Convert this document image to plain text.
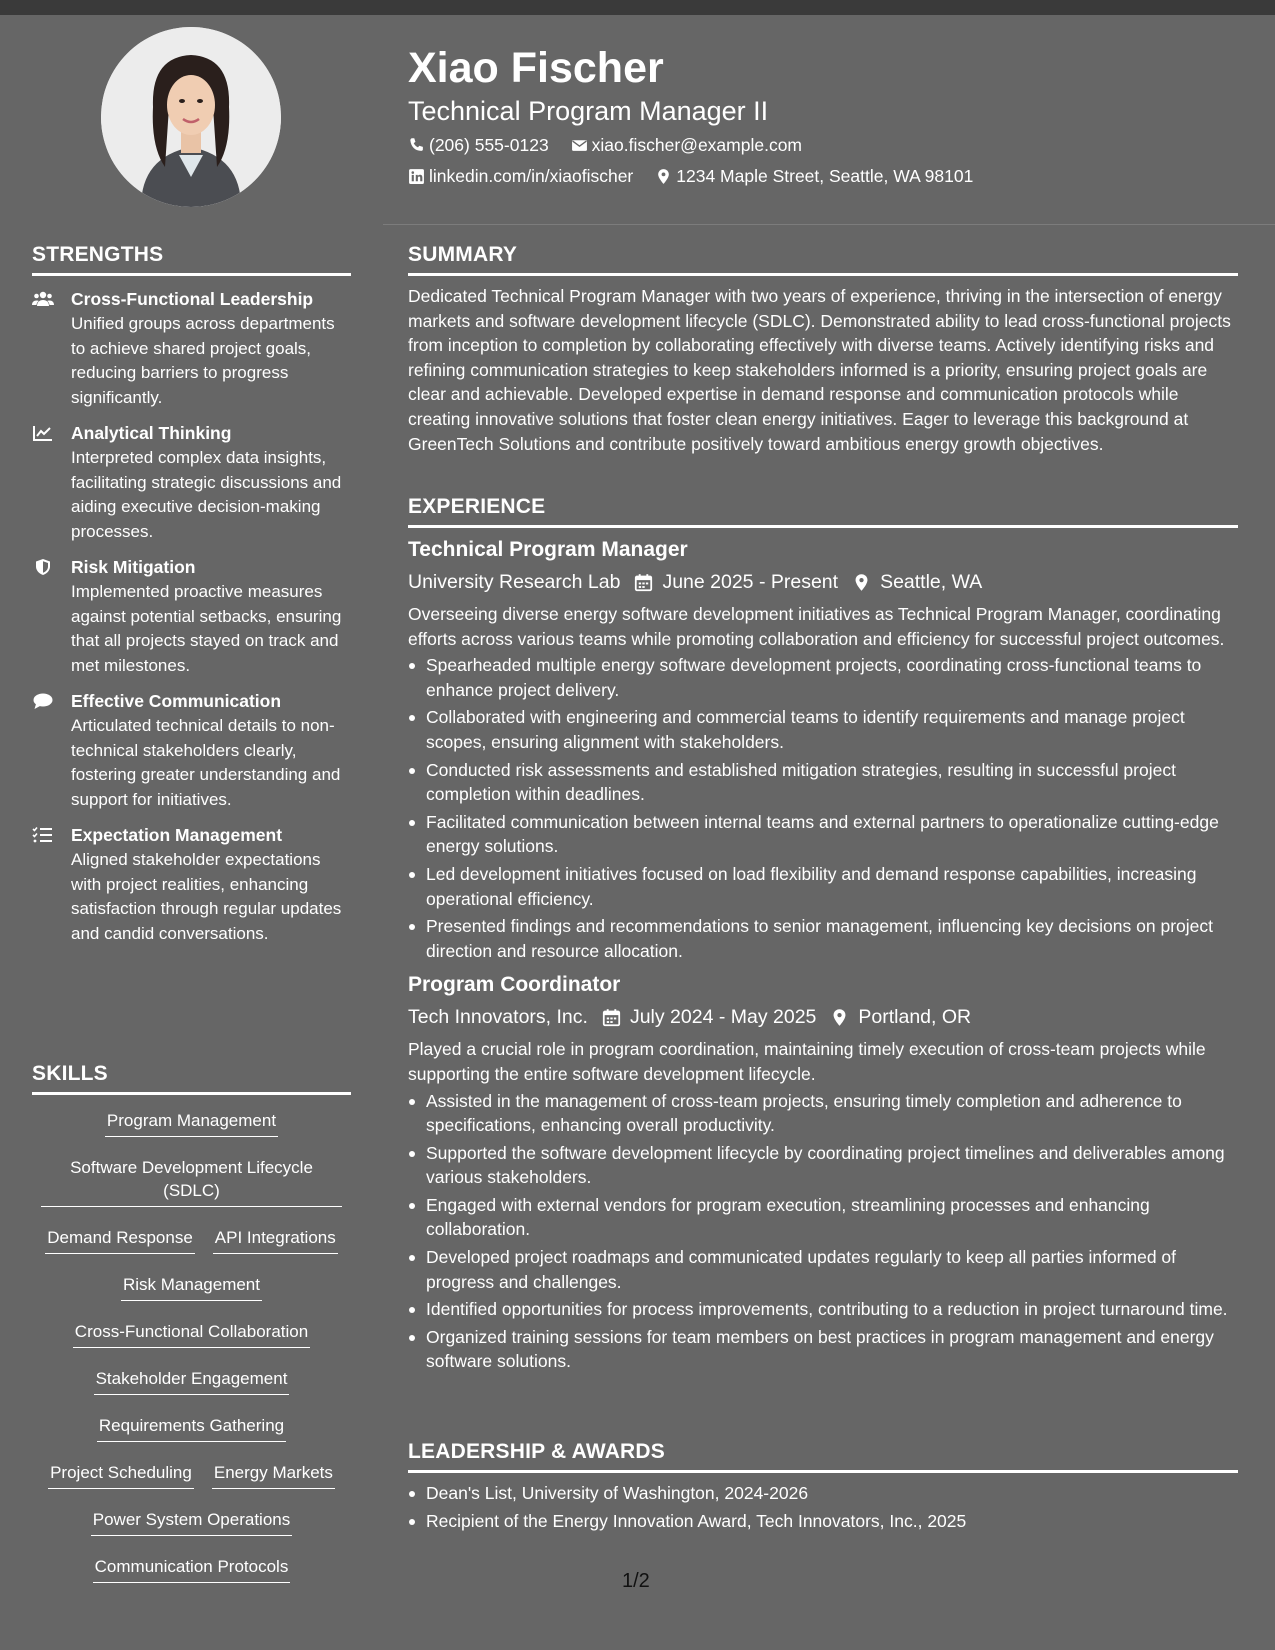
Xiao Fischer
Technical Program Manager II
(206) 555-0123 xiao.fischer@example.com
linkedin.com/in/xiaofischer 1234 Maple Street, Seattle, WA 98101
STRENGTHS
Cross-Functional Leadership
Unified groups across departments to achieve shared project goals, reducing barriers to progress significantly.
Analytical Thinking
Interpreted complex data insights, facilitating strategic discussions and aiding executive decision-making processes.
Risk Mitigation
Implemented proactive measures against potential setbacks, ensuring that all projects stayed on track and met milestones.
Effective Communication
Articulated technical details to non-technical stakeholders clearly, fostering greater understanding and support for initiatives.
Expectation Management
Aligned stakeholder expectations with project realities, enhancing satisfaction through regular updates and candid conversations.
SKILLS
Program Management
Software Development Lifecycle (SDLC)
Demand Response API Integrations
Risk Management
Cross-Functional Collaboration
Stakeholder Engagement
Requirements Gathering
Project Scheduling Energy Markets
Power System Operations
Communication Protocols
SUMMARY
Dedicated Technical Program Manager with two years of experience, thriving in the intersection of energy markets and software development lifecycle (SDLC). Demonstrated ability to lead cross-functional projects from inception to completion by collaborating effectively with diverse teams. Actively identifying risks and refining communication strategies to keep stakeholders informed is a priority, ensuring project goals are clear and achievable. Developed expertise in demand response and communication protocols while creating innovative solutions that foster clean energy initiatives. Eager to leverage this background at GreenTech Solutions and contribute positively toward ambitious energy growth objectives.
EXPERIENCE
Technical Program Manager
University Research Lab June 2025 - Present Seattle, WA
Overseeing diverse energy software development initiatives as Technical Program Manager, coordinating efforts across various teams while promoting collaboration and efficiency for successful project outcomes.
Spearheaded multiple energy software development projects, coordinating cross-functional teams to enhance project delivery.
Collaborated with engineering and commercial teams to identify requirements and manage project scopes, ensuring alignment with stakeholders.
Conducted risk assessments and established mitigation strategies, resulting in successful project completion within deadlines.
Facilitated communication between internal teams and external partners to operationalize cutting-edge energy solutions.
Led development initiatives focused on load flexibility and demand response capabilities, increasing operational efficiency.
Presented findings and recommendations to senior management, influencing key decisions on project direction and resource allocation.
Program Coordinator
Tech Innovators, Inc. July 2024 - May 2025 Portland, OR
Played a crucial role in program coordination, maintaining timely execution of cross-team projects while supporting the entire software development lifecycle.
Assisted in the management of cross-team projects, ensuring timely completion and adherence to specifications, enhancing overall productivity.
Supported the software development lifecycle by coordinating project timelines and deliverables among various stakeholders.
Engaged with external vendors for program execution, streamlining processes and enhancing collaboration.
Developed project roadmaps and communicated updates regularly to keep all parties informed of progress and challenges.
Identified opportunities for process improvements, contributing to a reduction in project turnaround time.
Organized training sessions for team members on best practices in program management and energy software solutions.
LEADERSHIP & AWARDS
Dean's List, University of Washington, 2024-2026
Recipient of the Energy Innovation Award, Tech Innovators, Inc., 2025
1/2
